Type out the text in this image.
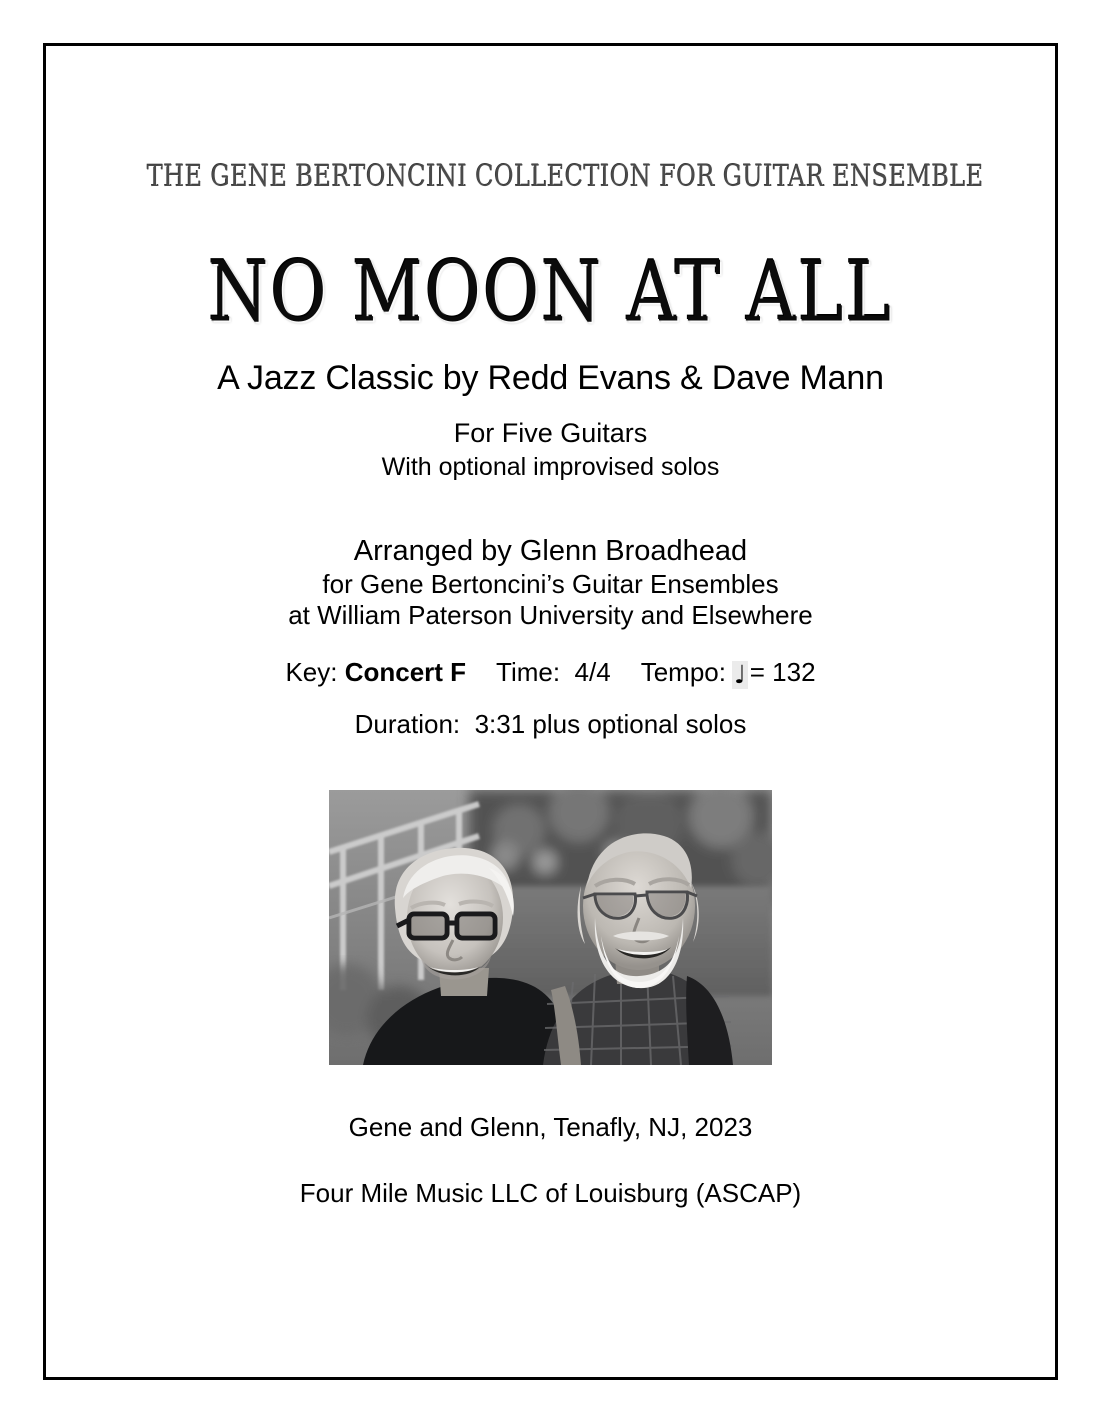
THE GENE BERTONCINI COLLECTION FOR GUITAR ENSEMBLE
NO MOON AT ALL
A Jazz Classic by Redd Evans & Dave Mann
For Five Guitars
With optional improvised solos
Arranged by Glenn Broadhead
for Gene Bertoncini’s Guitar Ensembles
at William Paterson University and Elsewhere
Key: Concert F Time: 4/4 Tempo: ♩ = 132
Duration: 3:31 plus optional solos
Gene and Glenn, Tenafly, NJ, 2023
Four Mile Music LLC of Louisburg (ASCAP)
